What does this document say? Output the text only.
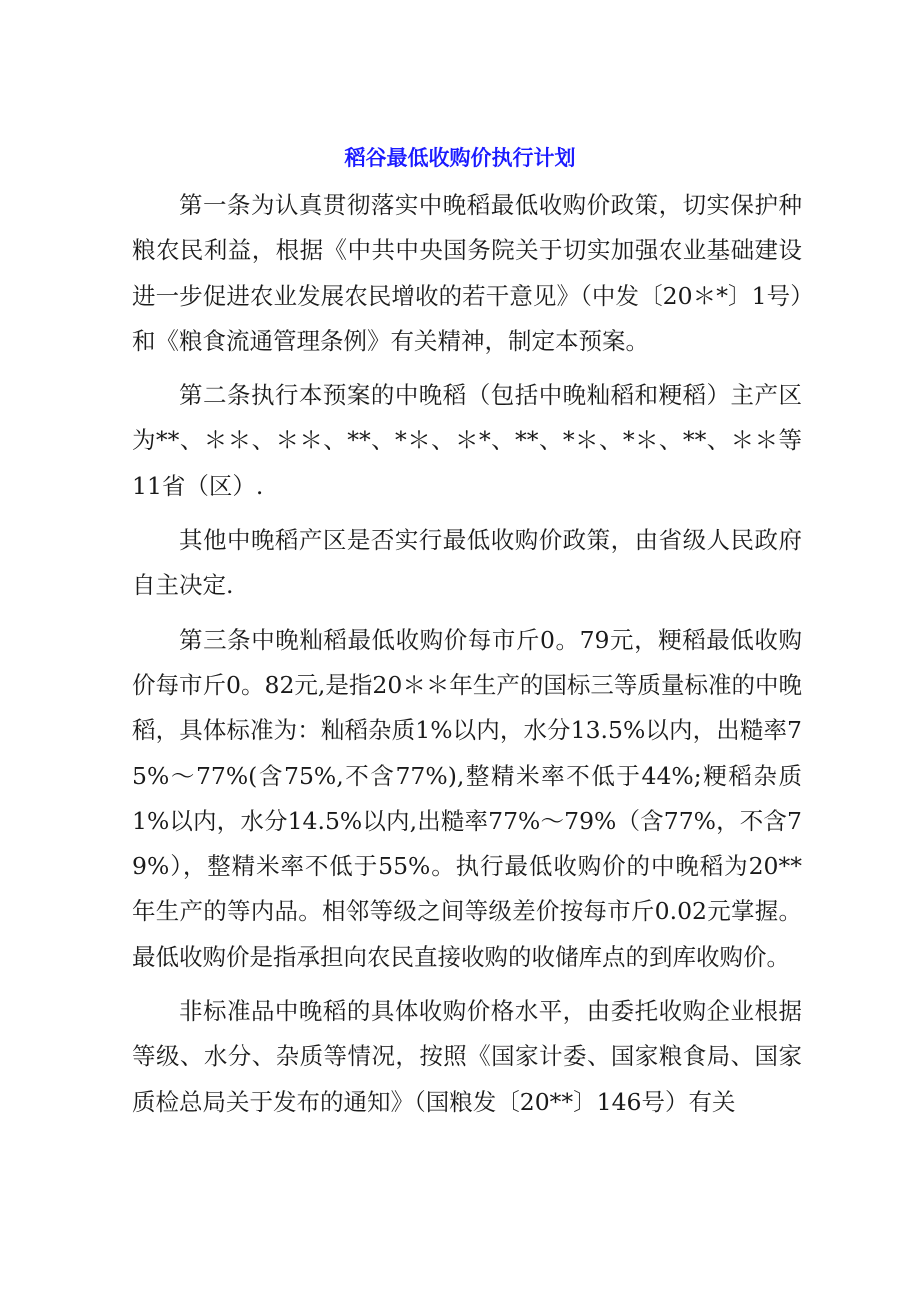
稻谷最低收购价执行计划

第一条为认真贯彻落实中晚稻最低收购价政策，切实保护种粮农民利益，根据《中共中央国务院关于切实加强农业基础建设进一步促进农业发展农民增收的若干意见》（中发〔20＊*〕1号）和《粮食流通管理条例》有关精神，制定本预案。

第二条执行本预案的中晚稻（包括中晚籼稻和粳稻）主产区为**、＊＊、＊＊、**、*＊、＊*、**、*＊、*＊、**、＊＊等11省（区）.

其他中晚稻产区是否实行最低收购价政策，由省级人民政府自主决定.

第三条中晚籼稻最低收购价每市斤0。79元，粳稻最低收购价每市斤0。82元,是指20＊＊年生产的国标三等质量标准的中晚稻，具体标准为：籼稻杂质1%以内，水分13.5%以内，出糙率75%～77%(含75%,不含77%),整精米率不低于44%;粳稻杂质1%以内，水分14.5%以内,出糙率77%～79%（含77%，不含79%），整精米率不低于55%。执行最低收购价的中晚稻为20**年生产的等内品。相邻等级之间等级差价按每市斤0.02元掌握。最低收购价是指承担向农民直接收购的收储库点的到库收购价。

非标准品中晚稻的具体收购价格水平，由委托收购企业根据等级、水分、杂质等情况，按照《国家计委、国家粮食局、国家质检总局关于发布的通知》（国粮发〔20**〕146号）有关
